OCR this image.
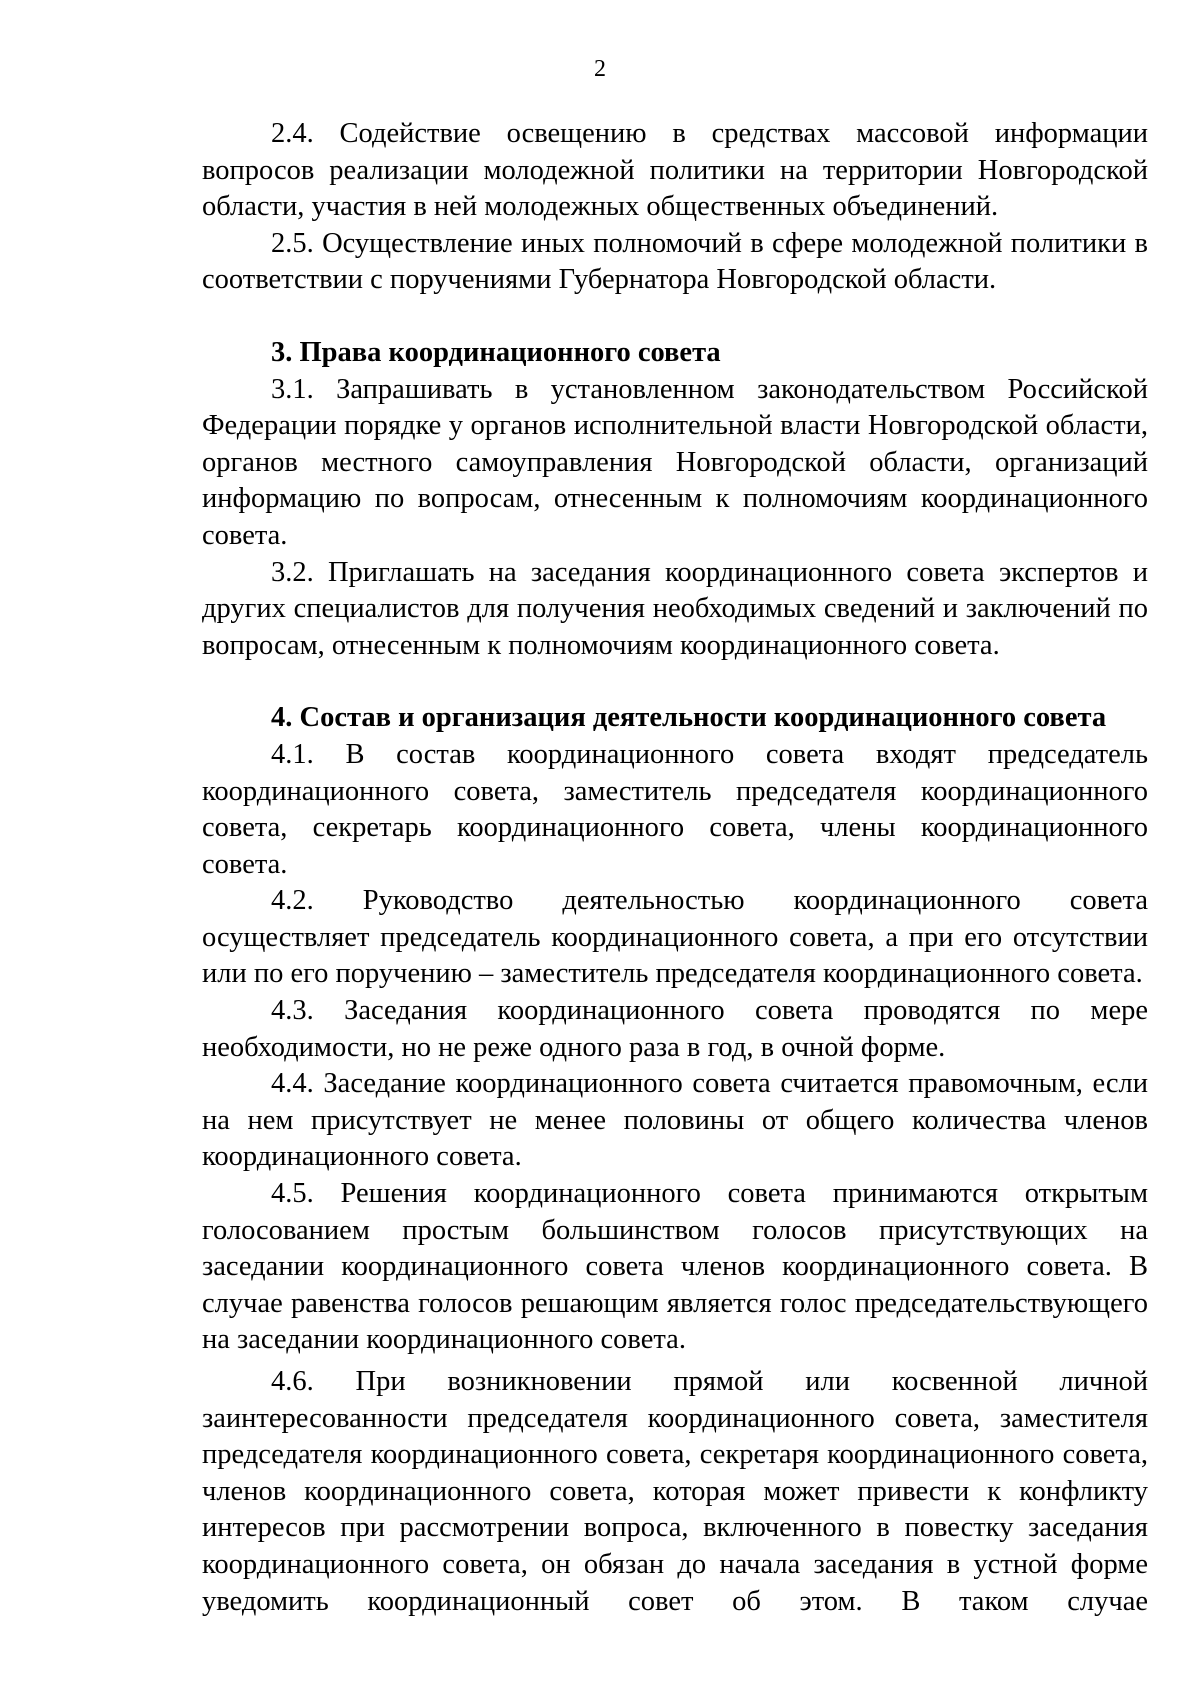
2

2.4. Содействие освещению в средствах массовой информации вопросов реализации молодежной политики на территории Новгородской области, участия в ней молодежных общественных объединений.

2.5. Осуществление иных полномочий в сфере молодежной политики в соответствии с поручениями Губернатора Новгородской области.

3. Права координационного совета

3.1. Запрашивать в установленном законодательством Российской Федерации порядке у органов исполнительной власти Новгородской области, органов местного самоуправления Новгородской области, организаций информацию по вопросам, отнесенным к полномочиям координационного совета.

3.2. Приглашать на заседания координационного совета экспертов и других специалистов для получения необходимых сведений и заключений по вопросам, отнесенным к полномочиям координационного совета.

4. Состав и организация деятельности координационного совета

4.1. В состав координационного совета входят председатель координационного совета, заместитель председателя координационного совета, секретарь координационного совета, члены координационного совета.

4.2. Руководство деятельностью координационного совета осуществляет председатель координационного совета, а при его отсутствии или по его поручению – заместитель председателя координационного совета.

4.3. Заседания координационного совета проводятся по мере необходимости, но не реже одного раза в год, в очной форме.

4.4. Заседание координационного совета считается правомочным, если на нем присутствует не менее половины от общего количества членов координационного совета.

4.5. Решения координационного совета принимаются открытым голосованием простым большинством голосов присутствующих на заседании координационного совета членов координационного совета. В случае равенства голосов решающим является голос председательствующего на заседании координационного совета.

4.6. При возникновении прямой или косвенной личной заинтересованности председателя координационного совета, заместителя председателя координационного совета, секретаря координационного совета, членов координационного совета, которая может привести к конфликту интересов при рассмотрении вопроса, включенного в повестку заседания координационного совета, он обязан до начала заседания в устной форме уведомить координационный совет об этом. В таком случае
